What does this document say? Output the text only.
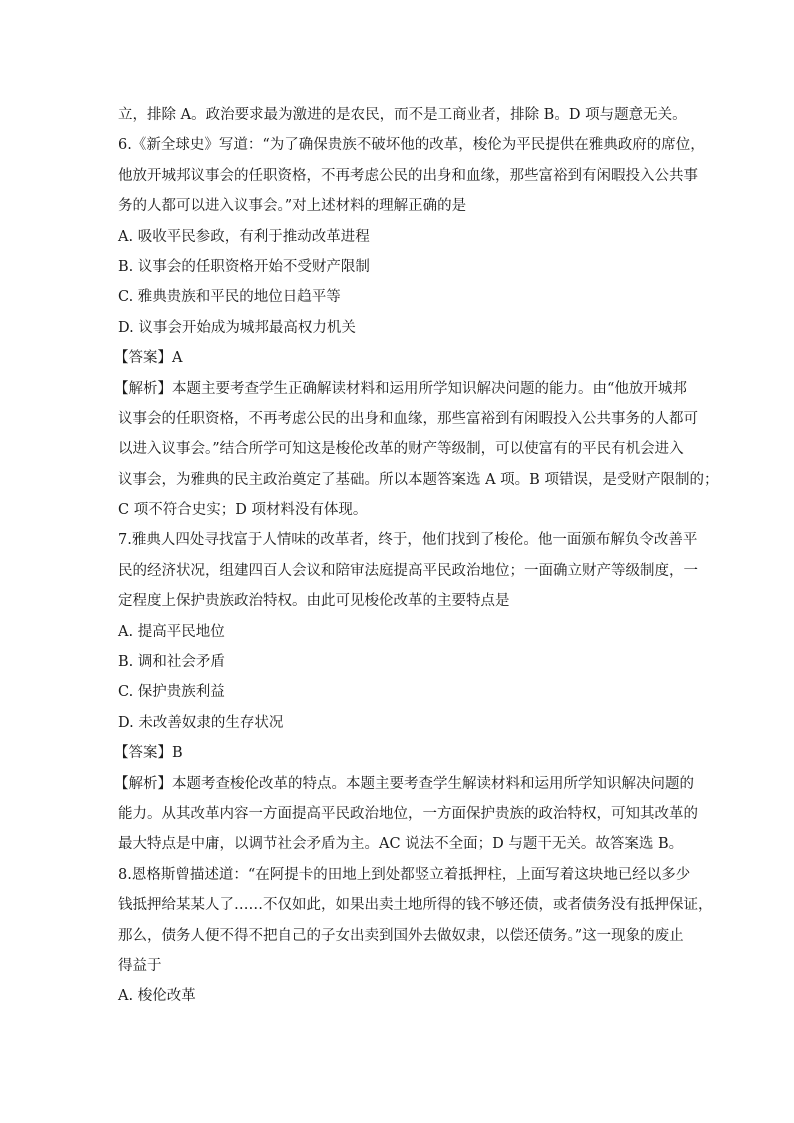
立，排除 A。政治要求最为激进的是农民，而不是工商业者，排除 B。D 项与题意无关。
6.《新全球史》写道：“为了确保贵族不破坏他的改革，梭伦为平民提供在雅典政府的席位，
他放开城邦议事会的任职资格，不再考虑公民的出身和血缘，那些富裕到有闲暇投入公共事
务的人都可以进入议事会。”对上述材料的理解正确的是
A. 吸收平民参政，有利于推动改革进程
B. 议事会的任职资格开始不受财产限制
C. 雅典贵族和平民的地位日趋平等
D. 议事会开始成为城邦最高权力机关
【答案】A
【解析】本题主要考查学生正确解读材料和运用所学知识解决问题的能力。由“他放开城邦
议事会的任职资格，不再考虑公民的出身和血缘，那些富裕到有闲暇投入公共事务的人都可
以进入议事会。”结合所学可知这是梭伦改革的财产等级制，可以使富有的平民有机会进入
议事会，为雅典的民主政治奠定了基础。所以本题答案选 A 项。B 项错误，是受财产限制的；
C 项不符合史实；D 项材料没有体现。
7.雅典人四处寻找富于人情味的改革者，终于，他们找到了梭伦。他一面颁布解负令改善平
民的经济状况，组建四百人会议和陪审法庭提高平民政治地位；一面确立财产等级制度，一
定程度上保护贵族政治特权。由此可见梭伦改革的主要特点是
A. 提高平民地位
B. 调和社会矛盾
C. 保护贵族利益
D. 未改善奴隶的生存状况
【答案】B
【解析】本题考查梭伦改革的特点。本题主要考查学生解读材料和运用所学知识解决问题的
能力。从其改革内容一方面提高平民政治地位，一方面保护贵族的政治特权，可知其改革的
最大特点是中庸，以调节社会矛盾为主。AC 说法不全面；D 与题干无关。故答案选 B。
8.恩格斯曾描述道：“在阿提卡的田地上到处都竖立着抵押柱，上面写着这块地已经以多少
钱抵押给某某人了……不仅如此，如果出卖土地所得的钱不够还债，或者债务没有抵押保证，
那么，债务人便不得不把自己的子女出卖到国外去做奴隶，以偿还债务。”这一现象的废止
得益于
A. 梭伦改革
